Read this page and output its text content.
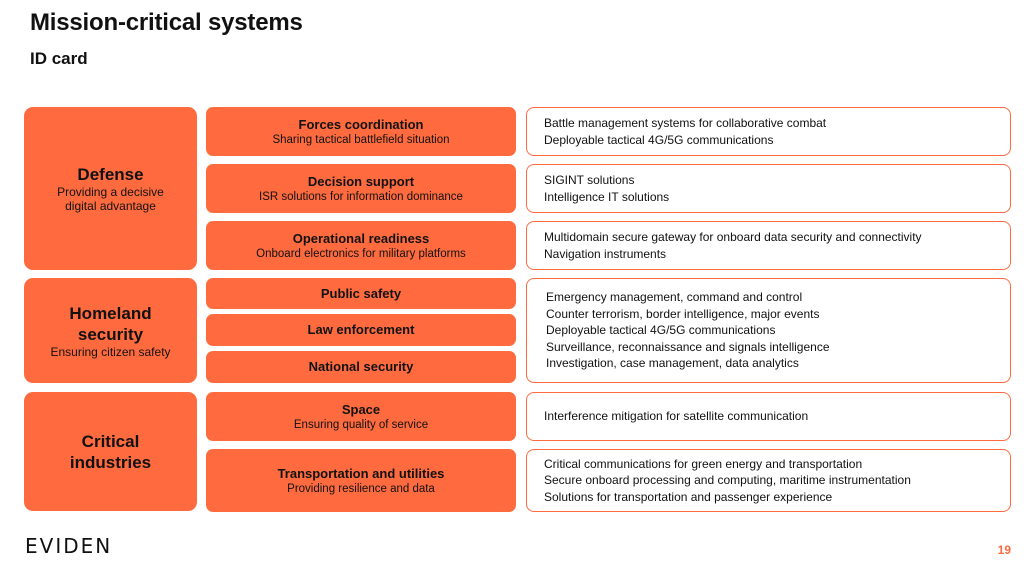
Mission-critical systems
ID card
Defense
Providing a decisive digital advantage
Homeland security
Ensuring citizen safety
Critical industries
Forces coordination
Sharing tactical battlefield situation
Decision support
ISR solutions for information dominance
Operational readiness
Onboard electronics for military platforms
Public safety
Law enforcement
National security
Space
Ensuring quality of service
Transportation and utilities
Providing resilience and data
Battle management systems for collaborative combat
Deployable tactical 4G/5G communications
SIGINT solutions
Intelligence IT solutions
Multidomain secure gateway for onboard data security and connectivity
Navigation instruments
Emergency management, command and control
Counter terrorism, border intelligence, major events
Deployable tactical 4G/5G communications
Surveillance, reconnaissance and signals intelligence
Investigation, case management, data analytics
Interference mitigation for satellite communication
Critical communications for green energy and transportation
Secure onboard processing and computing, maritime instrumentation
Solutions for transportation and passenger experience
EVIDEN	19
